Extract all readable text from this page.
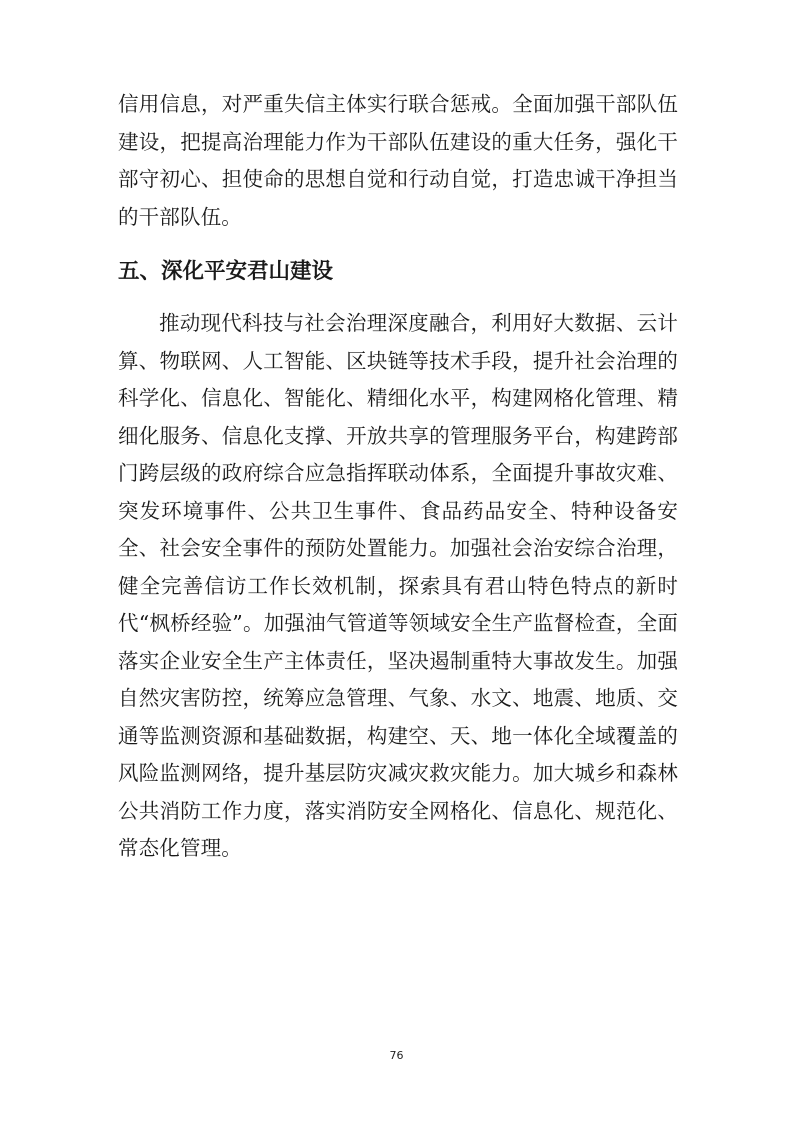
信用信息，对严重失信主体实行联合惩戒。全面加强干部队伍建设，把提高治理能力作为干部队伍建设的重大任务，强化干部守初心、担使命的思想自觉和行动自觉，打造忠诚干净担当的干部队伍。
五、深化平安君山建设
推动现代科技与社会治理深度融合，利用好大数据、云计算、物联网、人工智能、区块链等技术手段，提升社会治理的科学化、信息化、智能化、精细化水平，构建网格化管理、精细化服务、信息化支撑、开放共享的管理服务平台，构建跨部门跨层级的政府综合应急指挥联动体系，全面提升事故灾难、突发环境事件、公共卫生事件、食品药品安全、特种设备安全、社会安全事件的预防处置能力。加强社会治安综合治理，健全完善信访工作长效机制，探索具有君山特色特点的新时代“枫桥经验”。加强油气管道等领域安全生产监督检查，全面落实企业安全生产主体责任，坚决遏制重特大事故发生。加强自然灾害防控，统筹应急管理、气象、水文、地震、地质、交通等监测资源和基础数据，构建空、天、地一体化全域覆盖的风险监测网络，提升基层防灾减灾救灾能力。加大城乡和森林公共消防工作力度，落实消防安全网格化、信息化、规范化、常态化管理。
76
